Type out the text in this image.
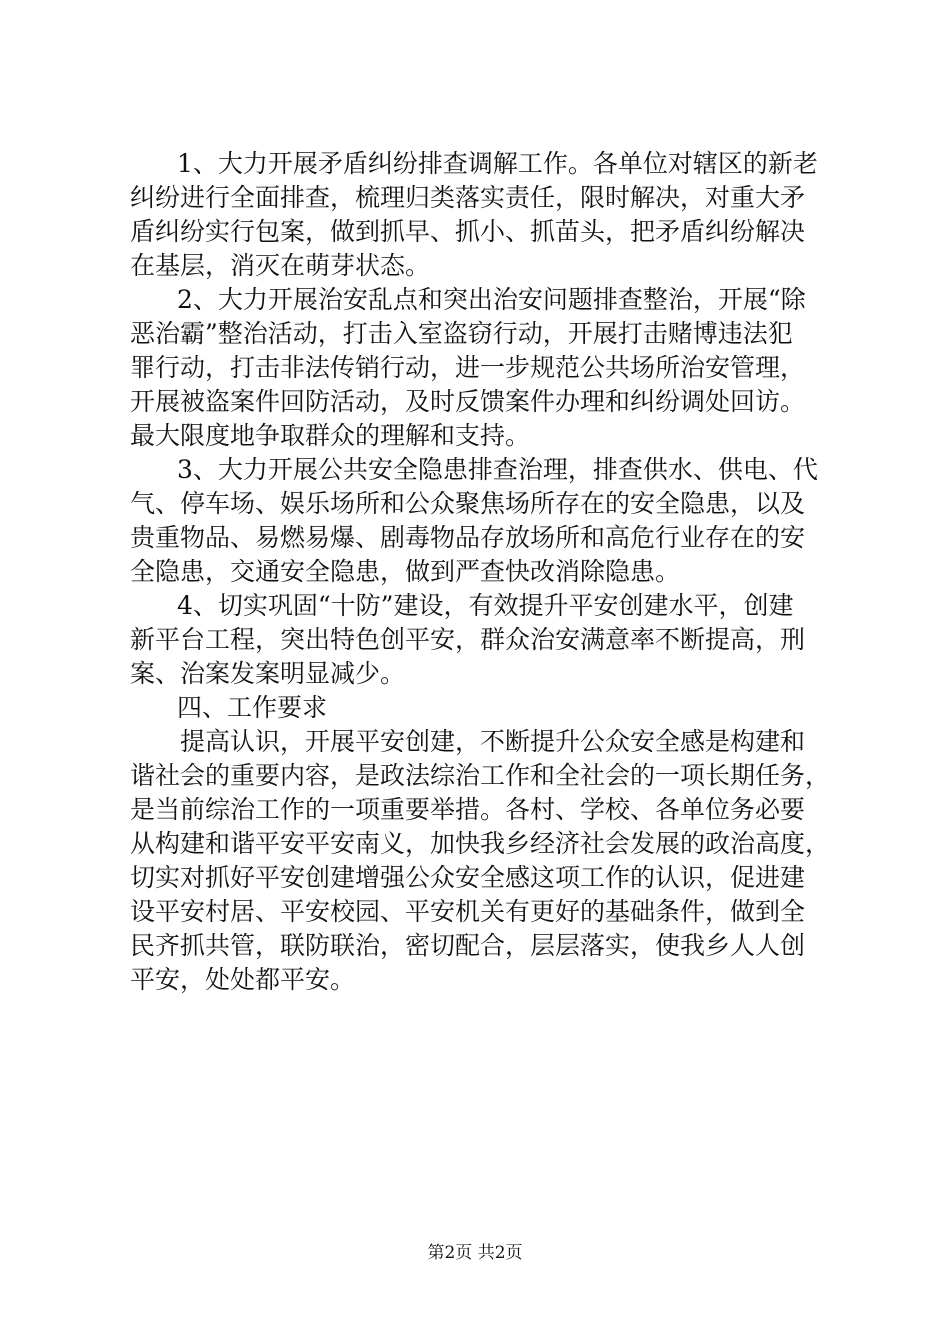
1、大力开展矛盾纠纷排查调解工作。各单位对辖区的新老
纠纷进行全面排查，梳理归类落实责任，限时解决，对重大矛
盾纠纷实行包案，做到抓早、抓小、抓苗头，把矛盾纠纷解决
在基层，消灭在萌芽状态。
2、大力开展治安乱点和突出治安问题排查整治，开展“除
恶治霸”整治活动，打击入室盗窃行动，开展打击赌博违法犯
罪行动，打击非法传销行动，进一步规范公共场所治安管理，
开展被盗案件回防活动，及时反馈案件办理和纠纷调处回访。
最大限度地争取群众的理解和支持。
3、大力开展公共安全隐患排查治理，排查供水、供电、代
气、停车场、娱乐场所和公众聚焦场所存在的安全隐患，以及
贵重物品、易燃易爆、剧毒物品存放场所和高危行业存在的安
全隐患，交通安全隐患，做到严查快改消除隐患。
4、切实巩固“十防”建设，有效提升平安创建水平，创建
新平台工程，突出特色创平安，群众治安满意率不断提高，刑
案、治案发案明显减少。
四、工作要求
提高认识，开展平安创建，不断提升公众安全感是构建和
谐社会的重要内容，是政法综治工作和全社会的一项长期任务，
是当前综治工作的一项重要举措。各村、学校、各单位务必要
从构建和谐平安平安南义，加快我乡经济社会发展的政治高度，
切实对抓好平安创建增强公众安全感这项工作的认识，促进建
设平安村居、平安校园、平安机关有更好的基础条件，做到全
民齐抓共管，联防联治，密切配合，层层落实，使我乡人人创
平安，处处都平安。
第2页 共2页
